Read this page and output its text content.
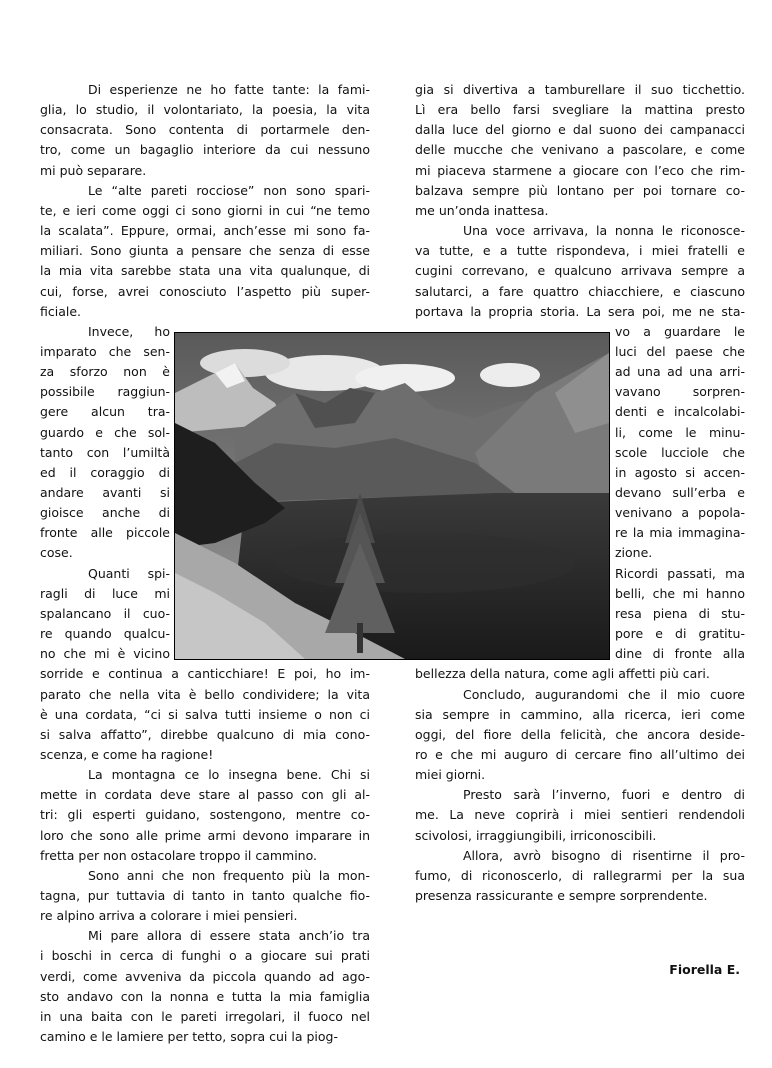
Di esperienze ne ho fatte tante: la fami-

glia, lo studio, il volontariato, la poesia, la vita

consacrata. Sono contenta di portarmele den-

tro, come un bagaglio interiore da cui nessuno

mi può separare.

Le “alte pareti rocciose” non sono spari-

te, e ieri come oggi ci sono giorni in cui “ne temo

la scalata”. Eppure, ormai, anch’esse mi sono fa-

miliari. Sono giunta a pensare che senza di esse

la mia vita sarebbe stata una vita qualunque, di

cui, forse, avrei conosciuto l’aspetto più super-

ficiale.

Invece, ho

imparato che sen-

za sforzo non è

possibile raggiun-

gere alcun tra-

guardo e che sol-

tanto con l’umiltà

ed il coraggio di

andare avanti si

gioisce anche di

fronte alle piccole

cose.

Quanti spi-

ragli di luce mi

spalancano il cuo-

re quando qualcu-

no che mi è vicino

sorride e continua a canticchiare! E poi, ho im-

parato che nella vita è bello condividere; la vita

è una cordata, “ci si salva tutti insieme o non ci

si salva affatto”, direbbe qualcuno di mia cono-

scenza, e come ha ragione!

La montagna ce lo insegna bene. Chi si

mette in cordata deve stare al passo con gli al-

tri: gli esperti guidano, sostengono, mentre co-

loro che sono alle prime armi devono imparare in

fretta per non ostacolare troppo il cammino.

Sono anni che non frequento più la mon-

tagna, pur tuttavia di tanto in tanto qualche fio-

re alpino arriva a colorare i miei pensieri.

Mi pare allora di essere stata anch’io tra

i boschi in cerca di funghi o a giocare sui prati

verdi, come avveniva da piccola quando ad ago-

sto andavo con la nonna e tutta la mia famiglia

in una baita con le pareti irregolari, il fuoco nel

camino e le lamiere per tetto, sopra cui la piog-

gia si divertiva a tamburellare il suo ticchettio.

Lì era bello farsi svegliare la mattina presto

dalla luce del giorno e dal suono dei campanacci

delle mucche che venivano a pascolare, e come

mi piaceva starmene a giocare con l’eco che rim-

balzava sempre più lontano per poi tornare co-

me un’onda inattesa.

Una voce arrivava, la nonna le riconosce-

va tutte, e a tutte rispondeva, i miei fratelli e

cugini correvano, e qualcuno arrivava sempre a

salutarci, a fare quattro chiacchiere, e ciascuno

portava la propria storia. La sera poi, me ne sta-

vo a guardare le

luci del paese che

ad una ad una arri-

vavano sorpren-

denti e incalcolabi-

li, come le minu-

scole lucciole che

in agosto si accen-

devano sull’erba e

venivano a popola-

re la mia immagina-

zione.

Ricordi passati, ma

belli, che mi hanno

resa piena di stu-

pore e di gratitu-

dine di fronte alla

bellezza della natura, come agli affetti più cari.

Concludo, augurandomi che il mio cuore

sia sempre in cammino, alla ricerca, ieri come

oggi, del fiore della felicità, che ancora deside-

ro e che mi auguro di cercare fino all’ultimo dei

miei giorni.

Presto sarà l’inverno, fuori e dentro di

me. La neve coprirà i miei sentieri rendendoli

scivolosi, irraggiungibili, irriconoscibili.

Allora, avrò bisogno di risentirne il pro-

fumo, di riconoscerlo, di rallegrarmi per la sua

presenza rassicurante e sempre sorprendente.

Fiorella E.
